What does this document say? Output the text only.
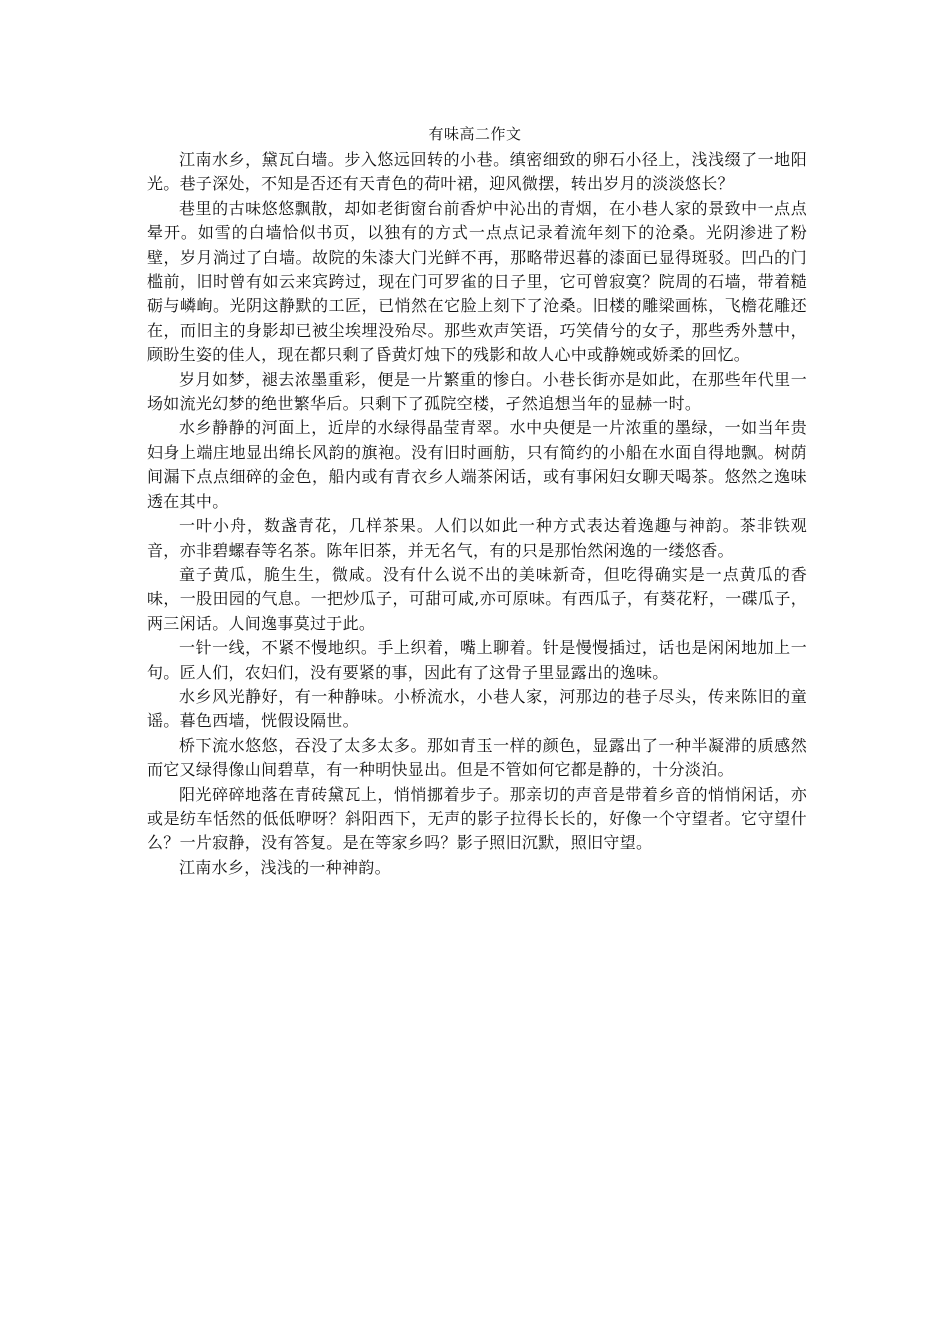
有味高二作文

江南水乡，黛瓦白墙。步入悠远回转的小巷。缜密细致的卵石小径上，浅浅缀了一地阳光。巷子深处，不知是否还有天青色的荷叶裙，迎风微摆，转出岁月的淡淡悠长？

巷里的古味悠悠飘散，却如老街窗台前香炉中沁出的青烟，在小巷人家的景致中一点点晕开。如雪的白墙恰似书页，以独有的方式一点点记录着流年刻下的沧桑。光阴渗进了粉壁，岁月淌过了白墙。故院的朱漆大门光鲜不再，那略带迟暮的漆面已显得斑驳。凹凸的门槛前，旧时曾有如云来宾跨过，现在门可罗雀的日子里，它可曾寂寞？院周的石墙，带着糙砺与嶙峋。光阴这静默的工匠，已悄然在它脸上刻下了沧桑。旧楼的雕梁画栋，飞檐花雕还在，而旧主的身影却已被尘埃埋没殆尽。那些欢声笑语，巧笑倩兮的女子，那些秀外慧中，顾盼生姿的佳人，现在都只剩了昏黄灯烛下的残影和故人心中或静婉或娇柔的回忆。

岁月如梦，褪去浓墨重彩，便是一片繁重的惨白。小巷长街亦是如此，在那些年代里一场如流光幻梦的绝世繁华后。只剩下了孤院空楼，孑然追想当年的显赫一时。

水乡静静的河面上，近岸的水绿得晶莹青翠。水中央便是一片浓重的墨绿，一如当年贵妇身上端庄地显出绵长风韵的旗袍。没有旧时画舫，只有简约的小船在水面自得地飘。树荫间漏下点点细碎的金色，船内或有青衣乡人端茶闲话，或有事闲妇女聊天喝茶。悠然之逸味透在其中。

一叶小舟，数盏青花，几样茶果。人们以如此一种方式表达着逸趣与神韵。茶非铁观音，亦非碧螺春等名茶。陈年旧茶，并无名气，有的只是那怡然闲逸的一缕悠香。

童子黄瓜，脆生生，微咸。没有什么说不出的美味新奇，但吃得确实是一点黄瓜的香味，一股田园的气息。一把炒瓜子，可甜可咸,亦可原味。有西瓜子，有葵花籽，一碟瓜子，两三闲话。人间逸事莫过于此。

一针一线，不紧不慢地织。手上织着，嘴上聊着。针是慢慢插过，话也是闲闲地加上一句。匠人们，农妇们，没有要紧的事，因此有了这骨子里显露出的逸味。

水乡风光静好，有一种静味。小桥流水，小巷人家，河那边的巷子尽头，传来陈旧的童谣。暮色西墙，恍假设隔世。

桥下流水悠悠，吞没了太多太多。那如青玉一样的颜色，显露出了一种半凝滞的质感然而它又绿得像山间碧草，有一种明快显出。但是不管如何它都是静的，十分淡泊。

阳光碎碎地落在青砖黛瓦上，悄悄挪着步子。那亲切的声音是带着乡音的悄悄闲话，亦或是纺车恬然的低低咿呀？斜阳西下，无声的影子拉得长长的，好像一个守望者。它守望什么？一片寂静，没有答复。是在等家乡吗？影子照旧沉默，照旧守望。

江南水乡，浅浅的一种神韵。
